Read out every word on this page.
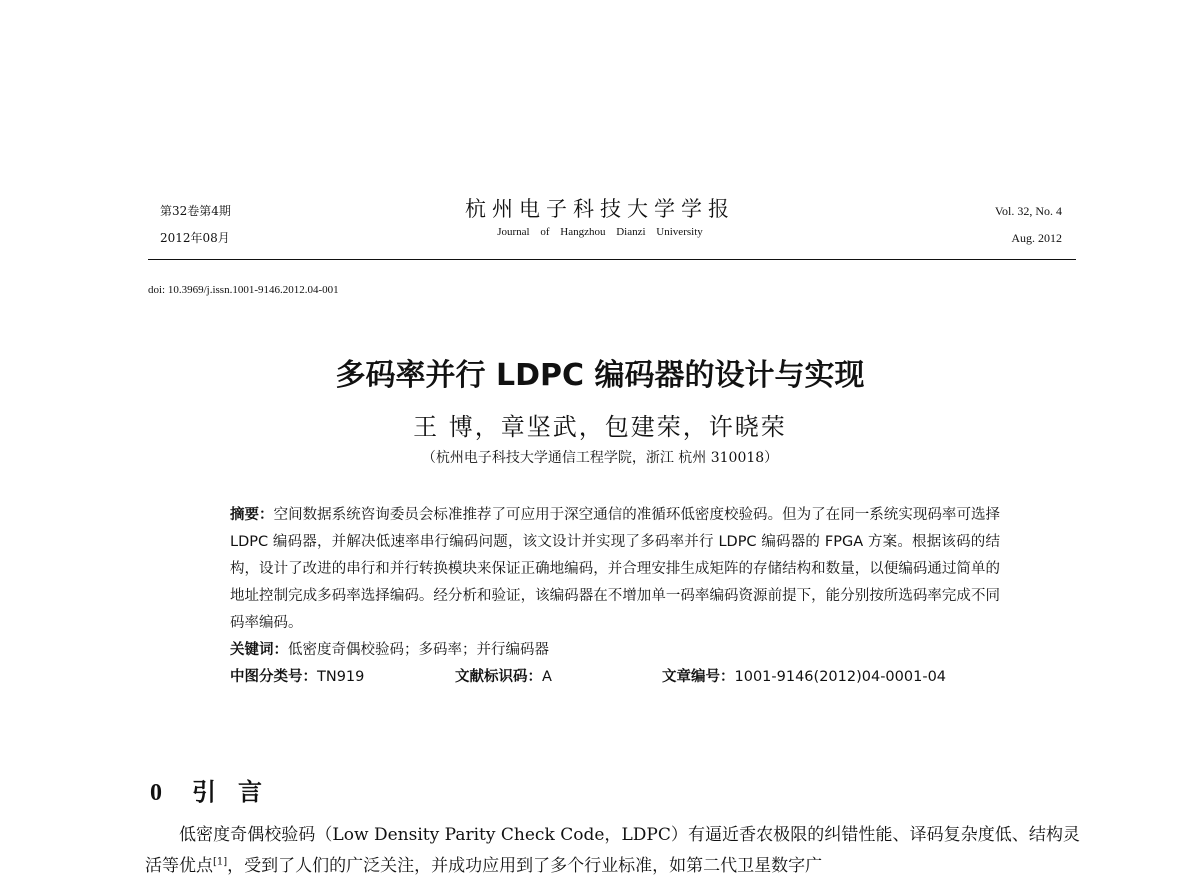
第32卷第4期
2012年08月
杭州电子科技大学学报
Journal of Hangzhou Dianzi University
Vol. 32, No. 4
Aug. 2012
doi: 10.3969/j.issn.1001-9146.2012.04-001
多码率并行 LDPC 编码器的设计与实现
王 博，章坚武，包建荣，许晓荣
（杭州电子科技大学通信工程学院，浙江 杭州 310018）

摘要：空间数据系统咨询委员会标准推荐了可应用于深空通信的准循环低密度校验码。但为了在同一系统实现码率可选择 LDPC 编码器，并解决低速率串行编码问题，该文设计并实现了多码率并行 LDPC 编码器的 FPGA 方案。根据该码的结构，设计了改进的串行和并行转换模块来保证正确地编码，并合理安排生成矩阵的存储结构和数量，以便编码通过简单的地址控制完成多码率选择编码。经分析和验证，该编码器在不增加单一码率编码资源前提下，能分别按所选码率完成不同码率编码。

关键词：低密度奇偶校验码；多码率；并行编码器
中图分类号：TN919	文献标识码：A	文章编号：1001-9146(2012)04-0001-04
0 引言

低密度奇偶校验码（Low Density Parity Check Code，LDPC）有逼近香农极限的纠错性能、译码复杂度低、结构灵活等优点[1]，受到了人们的广泛关注，并成功应用到了多个行业标准，如第二代卫星数字广
